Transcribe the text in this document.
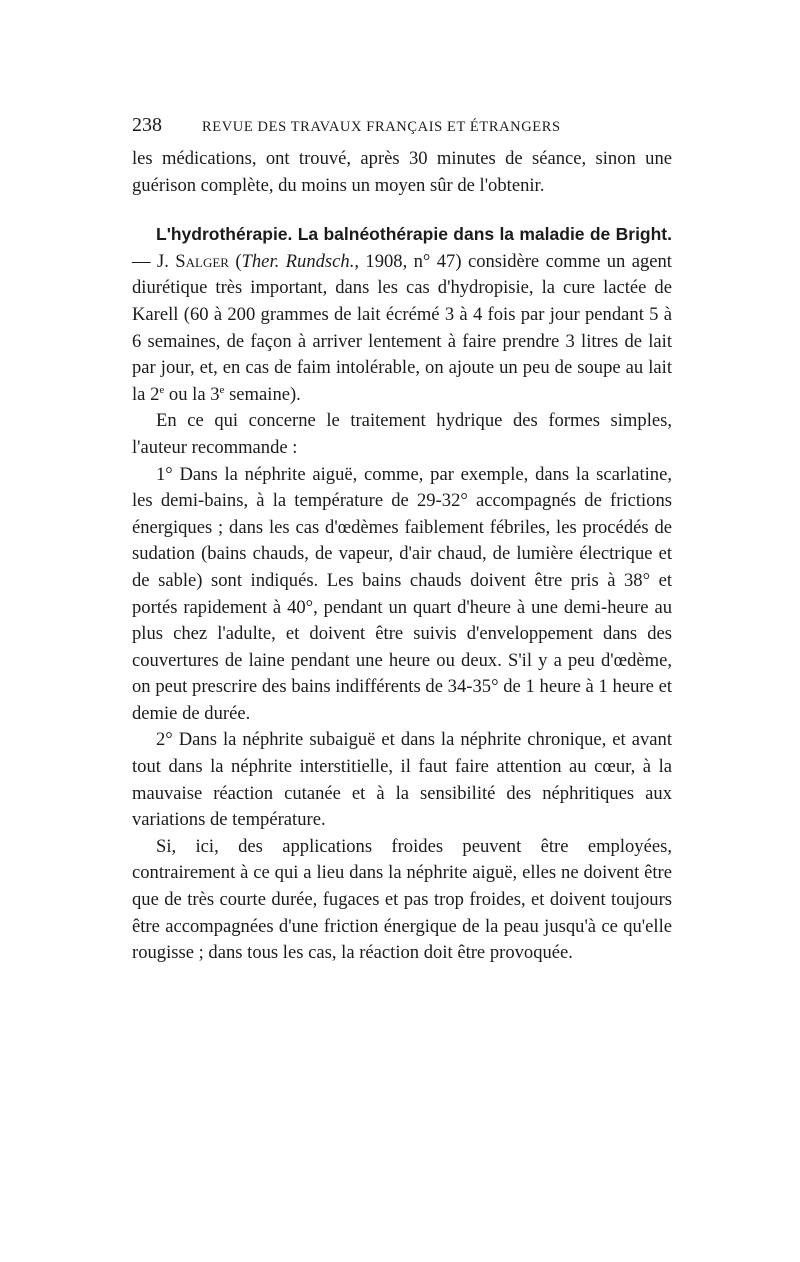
238	REVUE DES TRAVAUX FRANÇAIS ET ÉTRANGERS

les médications, ont trouvé, après 30 minutes de séance, sinon une guérison complète, du moins un moyen sûr de l'obtenir.

L'hydrothérapie. La balnéothérapie dans la maladie de Bright. — J. Salger (Ther. Rundsch., 1908, n° 47) considère comme un agent diurétique très important, dans les cas d'hydropisie, la cure lactée de Karell (60 à 200 grammes de lait écrémé 3 à 4 fois par jour pendant 5 à 6 semaines, de façon à arriver lentement à faire prendre 3 litres de lait par jour, et, en cas de faim intolérable, on ajoute un peu de soupe au lait la 2e ou la 3e semaine).

En ce qui concerne le traitement hydrique des formes simples, l'auteur recommande :

1° Dans la néphrite aiguë, comme, par exemple, dans la scarlatine, les demi-bains, à la température de 29-32° accompagnés de frictions énergiques ; dans les cas d'œdèmes faiblement fébriles, les procédés de sudation (bains chauds, de vapeur, d'air chaud, de lumière électrique et de sable) sont indiqués. Les bains chauds doivent être pris à 38° et portés rapidement à 40°, pendant un quart d'heure à une demi-heure au plus chez l'adulte, et doivent être suivis d'enveloppement dans des couvertures de laine pendant une heure ou deux. S'il y a peu d'œdème, on peut prescrire des bains indifférents de 34-35° de 1 heure à 1 heure et demie de durée.

2° Dans la néphrite subaiguë et dans la néphrite chronique, et avant tout dans la néphrite interstitielle, il faut faire attention au cœur, à la mauvaise réaction cutanée et à la sensibilité des néphritiques aux variations de température.

Si, ici, des applications froides peuvent être employées, contrairement à ce qui a lieu dans la néphrite aiguë, elles ne doivent être que de très courte durée, fugaces et pas trop froides, et doivent toujours être accompagnées d'une friction énergique de la peau jusqu'à ce qu'elle rougisse ; dans tous les cas, la réaction doit être provoquée.
